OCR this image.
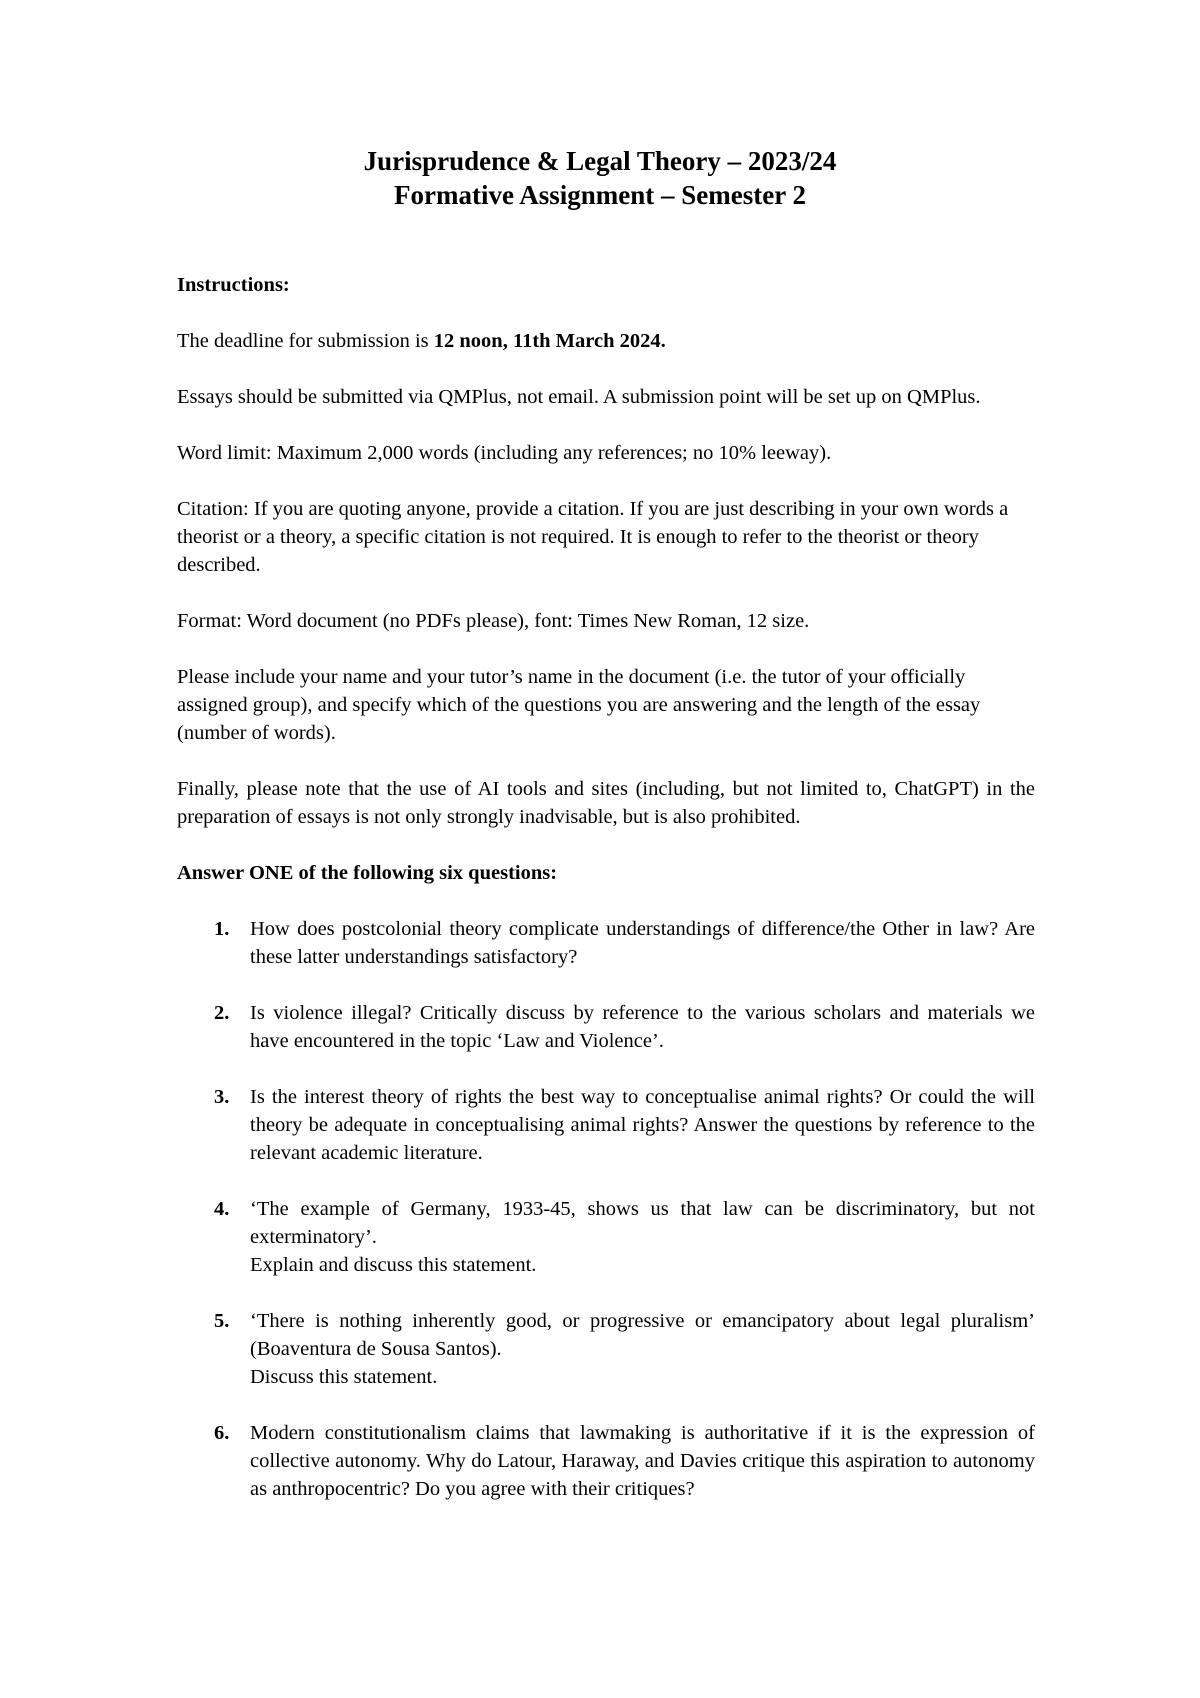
Jurisprudence & Legal Theory – 2023/24
Formative Assignment – Semester 2

Instructions:

The deadline for submission is 12 noon, 11th March 2024.

Essays should be submitted via QMPlus, not email. A submission point will be set up on QMPlus.

Word limit: Maximum 2,000 words (including any references; no 10% leeway).

Citation: If you are quoting anyone, provide a citation. If you are just describing in your own words a theorist or a theory, a specific citation is not required. It is enough to refer to the theorist or theory described.

Format: Word document (no PDFs please), font: Times New Roman, 12 size.

Please include your name and your tutor’s name in the document (i.e. the tutor of your officially assigned group), and specify which of the questions you are answering and the length of the essay (number of words).

Finally, please note that the use of AI tools and sites (including, but not limited to, ChatGPT) in the preparation of essays is not only strongly inadvisable, but is also prohibited.

Answer ONE of the following six questions:

1. How does postcolonial theory complicate understandings of difference/the Other in law? Are these latter understandings satisfactory?
2. Is violence illegal? Critically discuss by reference to the various scholars and materials we have encountered in the topic ‘Law and Violence’.
3. Is the interest theory of rights the best way to conceptualise animal rights? Or could the will theory be adequate in conceptualising animal rights? Answer the questions by reference to the relevant academic literature.
4. ‘The example of Germany, 1933-45, shows us that law can be discriminatory, but not exterminatory’.
Explain and discuss this statement.
5. ‘There is nothing inherently good, or progressive or emancipatory about legal pluralism’ (Boaventura de Sousa Santos).
Discuss this statement.
6. Modern constitutionalism claims that lawmaking is authoritative if it is the expression of collective autonomy. Why do Latour, Haraway, and Davies critique this aspiration to autonomy as anthropocentric? Do you agree with their critiques?
